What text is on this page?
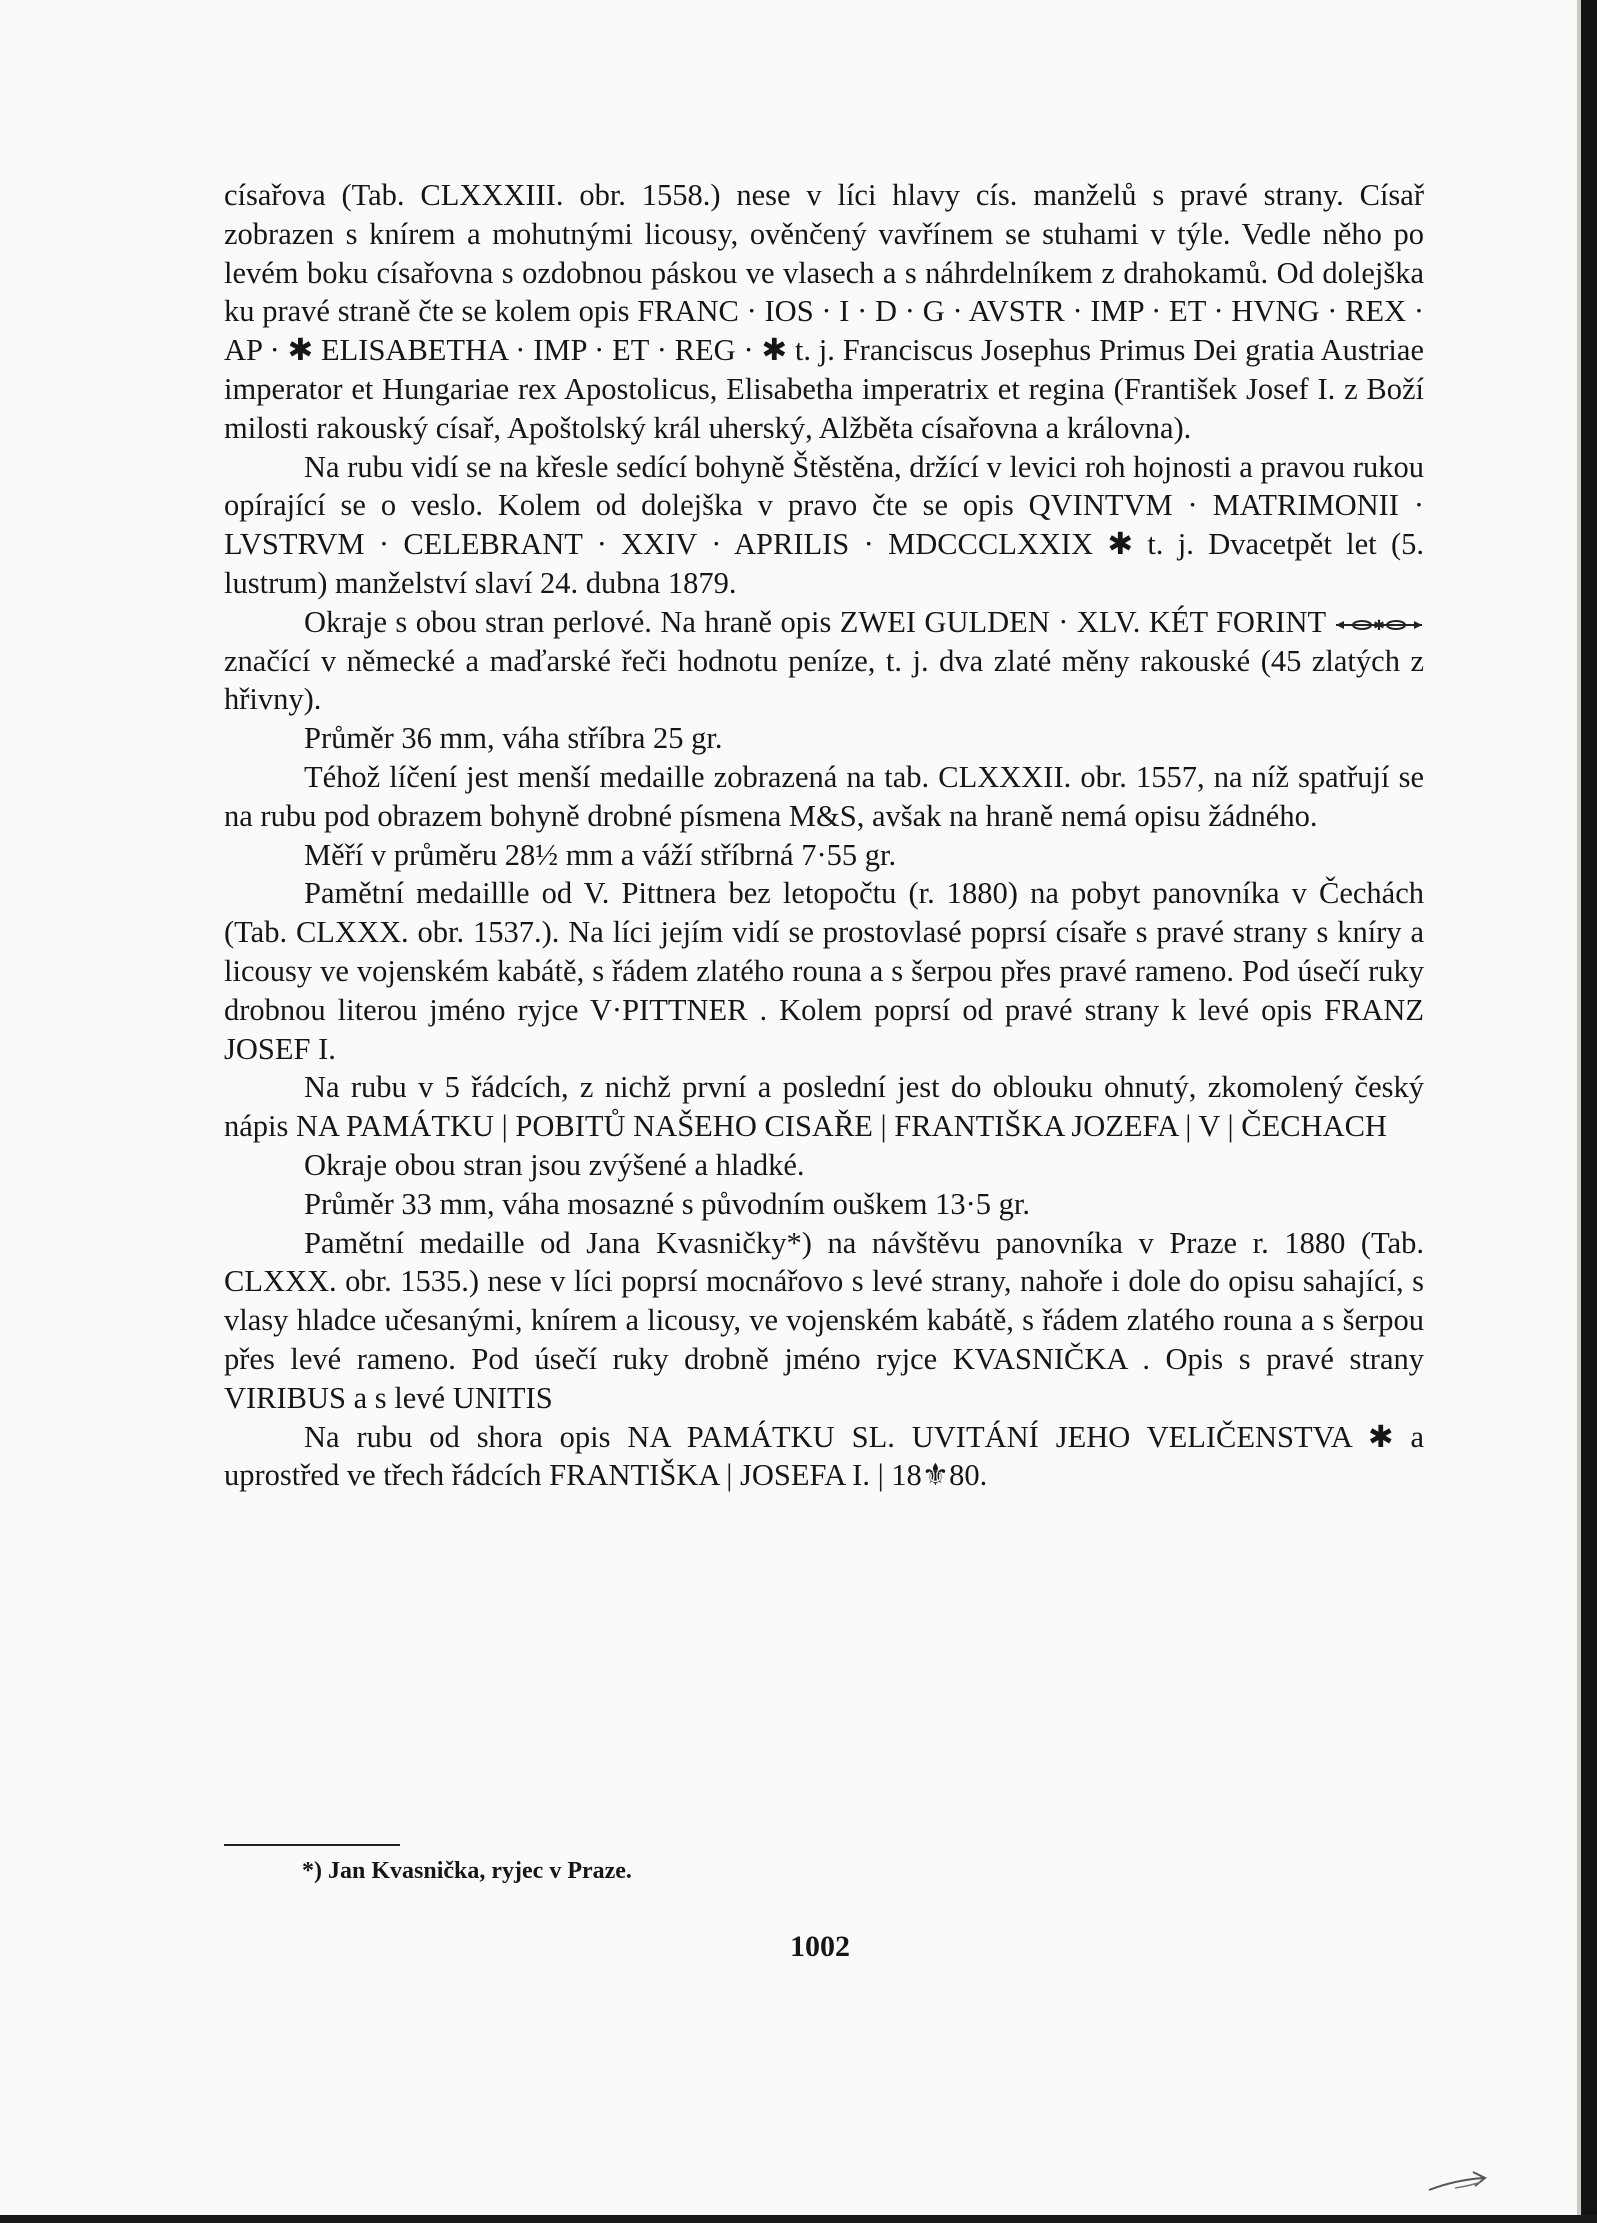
císařova (Tab. CLXXXIII. obr. 1558.) nese v líci hlavy cís. manželů s pravé strany. Císař zobrazen s knírem a mohutnými licousy, ověnčený vavřínem se stuhami v týle. Vedle něho po levém boku císařovna s ozdobnou páskou ve vlasech a s náhrdelníkem z drahokamů. Od dolejška ku pravé straně čte se kolem opis FRANC · IOS · I · D · G · AVSTR · IMP · ET · HVNG · REX · AP · ✱ ELISABETHA · IMP · ET · REG · ✱ t. j. Franciscus Josephus Primus Dei gratia Austriae imperator et Hungariae rex Apostolicus, Elisabetha imperatrix et regina (František Josef I. z Boží milosti rakouský císař, Apoštolský král uherský, Alžběta císařovna a královna).

Na rubu vidí se na křesle sedící bohyně Štěstěna, držící v levici roh hojnosti a pravou rukou opírající se o veslo. Kolem od dolejška v pravo čte se opis QVINTVM · MATRIMONII · LVSTRVM · CELEBRANT · XXIV · APRILIS · MDCCCLXXIX ✱ t. j. Dvacetpět let (5. lustrum) manželství slaví 24. dubna 1879.

Okraje s obou stran perlové. Na hraně opis ZWEI GULDEN · XLV. KÉT FORINT	✱
značící v německé a maďarské řeči hodnotu peníze, t. j. dva zlaté měny rakouské (45 zlatých z hřivny).

Průměr 36 mm, váha stříbra 25 gr.

Téhož líčení jest menší medaille zobrazená na tab. CLXXXII. obr. 1557, na níž spatřují se na rubu pod obrazem bohyně drobné písmena M&S, avšak na hraně nemá opisu žádného.

Měří v průměru 28½ mm a váží stříbrná 7·55 gr.

Pamětní medaillle od V. Pittnera bez letopočtu (r. 1880) na pobyt panovníka v Čechách (Tab. CLXXX. obr. 1537.). Na líci jejím vidí se prostovlasé poprsí císaře s pravé strany s kníry a licousy ve vojenském kabátě, s řádem zlatého rouna a s šerpou přes pravé rameno. Pod úsečí ruky drobnou literou jméno ryjce V·PITTNER . Kolem poprsí od pravé strany k levé opis FRANZ JOSEF I.

Na rubu v 5 řádcích, z nichž první a poslední jest do oblouku ohnutý, zkomolený český nápis NA PAMÁTKU | POBITŮ NAŠEHO CISAŘE | FRANTIŠKA JOZEFA | V | ČECHACH

Okraje obou stran jsou zvýšené a hladké.

Průměr 33 mm, váha mosazné s původním ouškem 13·5 gr.

Pamětní medaille od Jana Kvasničky*) na návštěvu panovníka v Praze r. 1880 (Tab. CLXXX. obr. 1535.) nese v líci poprsí mocnářovo s levé strany, nahoře i dole do opisu sahající, s vlasy hladce učesanými, knírem a licousy, ve vojenském kabátě, s řádem zlatého rouna a s šerpou přes levé rameno. Pod úsečí ruky drobně jméno ryjce KVASNIČKA . Opis s pravé strany VIRIBUS a s levé UNITIS

Na rubu od shora opis NA PAMÁTKU SL. UVITÁNÍ JEHO VELIČENSTVA ✱ a uprostřed ve třech řádcích FRANTIŠKA | JOSEFA I. | 18⚜80.

*) Jan Kvasnička, ryjec v Praze.
1002
